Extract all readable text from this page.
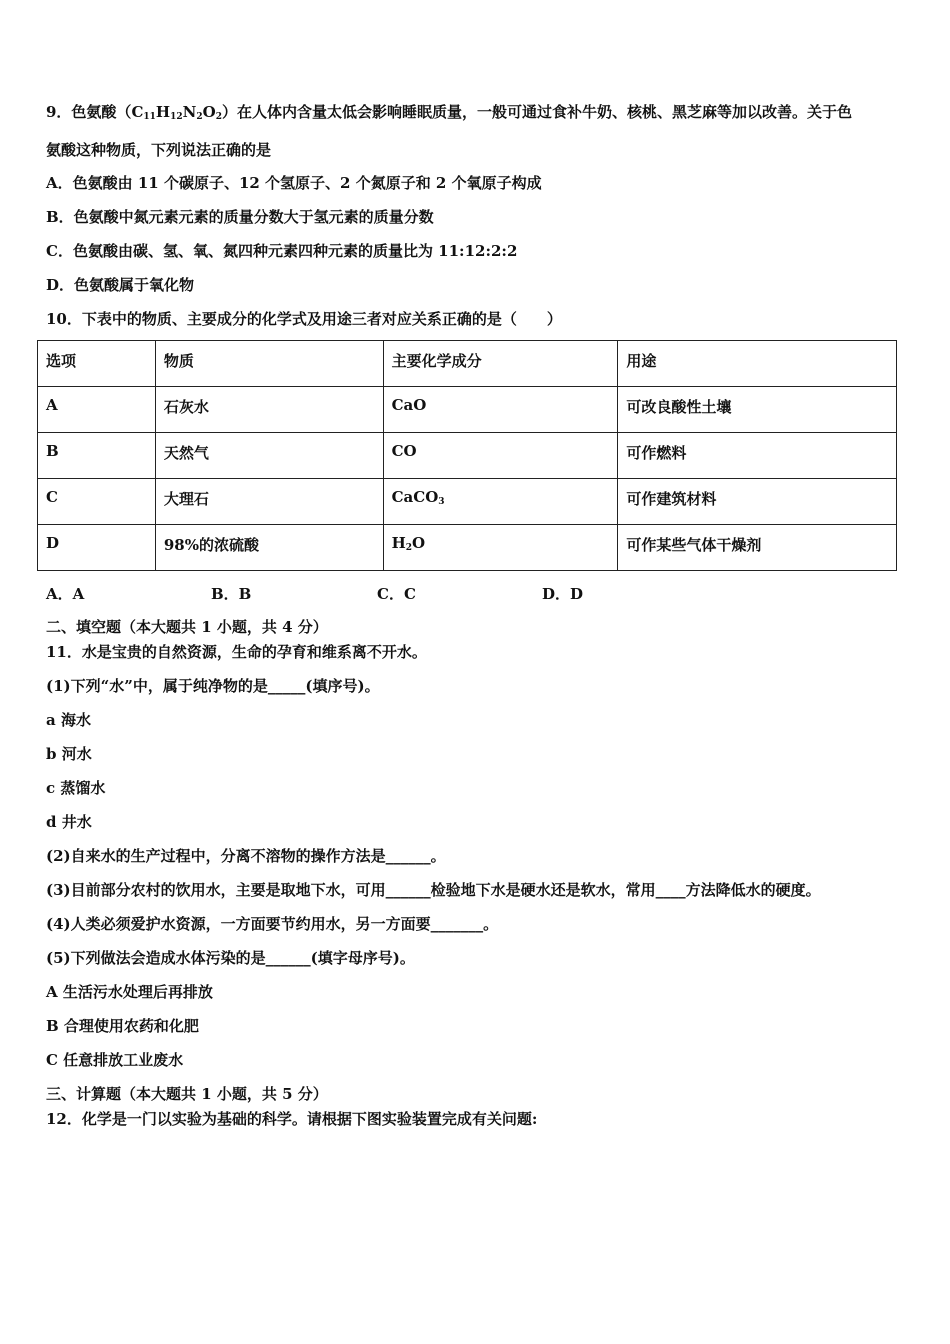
9．色氨酸$(C_{11}H_{12}N_2O_2)$在人体内含量太低会影响睡眠质量，一般可通过食补牛奶、核桃、黑芝麻等加以改善。关于色
氨酸这种物质，下列说法正确的是
A．色氨酸由 11 个碳原子、12 个氢原子、2 个氮原子和 2 个氧原子构成
B．色氨酸中氮元素元素的质量分数大于氢元素的质量分数
C．色氨酸由碳、氢、氧、氮四种元素四种元素的质量比为 11:12:2:2
D．色氨酸属于氧化物
10．下表中的物质、主要成分的化学式及用途三者对应关系正确的是（　　）
选项	物质	主要化学成分	用途
A	石灰水	CaO	可改良酸性土壤
B	天然气	CO	可作燃料
C	大理石	CaCO$_3$	可作建筑材料
D	98%的浓硫酸	$H_2O$	可作某些气体干燥剂
A．A	B．B	C．C	D．D
二、填空题（本大题共 1 小题，共 4 分）
11．水是宝贵的自然资源，生命的孕育和维系离不开水。
(1)下列“水”中，属于纯净物的是_____(填序号)。
a 海水
b 河水
c 蒸馏水
d 井水
(2)自来水的生产过程中，分离不溶物的操作方法是______。
(3)目前部分农村的饮用水，主要是取地下水，可用______检验地下水是硬水还是软水，常用____方法降低水的硬度。
(4)人类必须爱护水资源，一方面要节约用水，另一方面要_______。
(5)下列做法会造成水体污染的是______(填字母序号)。
A 生活污水处理后再排放
B 合理使用农药和化肥
C 任意排放工业废水
三、计算题（本大题共 1 小题，共 5 分）
12．化学是一门以实验为基础的科学。请根据下图实验装置完成有关问题:
